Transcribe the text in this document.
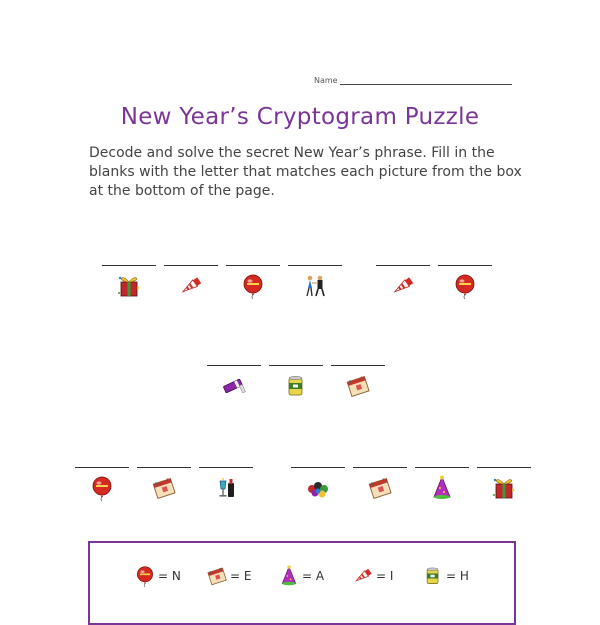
Name
New Year’s Cryptogram Puzzle
Decode and solve the secret New Year’s phrase. Fill in the blanks with the letter that matches each picture from the box at the bottom of the page.
= N	= E	= A	= I	= H
